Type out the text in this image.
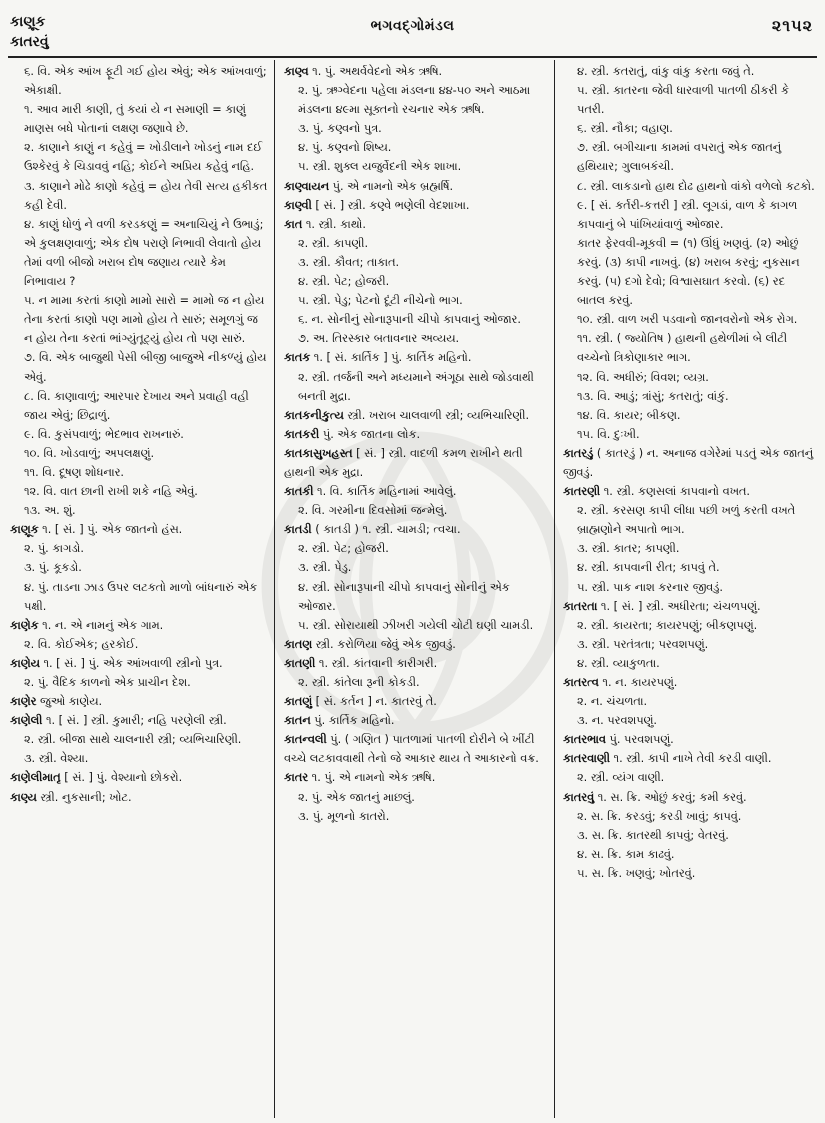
કાણૂક
કાતરવું
ભગવદ્ગોમંડલ	૨૧૫૨

૬. વિ. એક આંખ ફૂટી ગઈ હોય એવું; એક આંખવાળું; એકાક્ષી.

૧. આવ મારી કાણી, તું કયાં યે ન સમાણી = કાણું માણસ બધે પોતાનાં લક્ષણ જણાવે છે.

૨. કાણાને કાણું ન કહેવું = ખોડીલાને ખોડનું નામ દઈ ઉશ્કેરવું કે ચિડાવવું નહિ; કોઈને અપ્રિય કહેવું નહિ.

૩. કાણાને મોઢે કાણો કહેવું = હોય તેવી સત્ય હકીકત કહી દેવી.

૪. કાણું ધોળું ને વળી કરડકણું = અનાચિયું ને ઉભાડું; એ કુલક્ષણવાળું; એક દોષ પરાણે નિભાવી લેવાતો હોય તેમાં વળી બીજો ખરાબ દોષ જણાય ત્યારે કેમ નિભાવાય ?

૫. ન મામા કરતાં કાણો મામો સારો = મામો જ ન હોય તેના કરતાં કાણો પણ મામો હોય તે સારું; સમૂળગું જ ન હોય તેના કરતાં ભાંગ્યુંતૂટ્યું હોય તો પણ સારું.

૭. વિ. એક બાજુથી પેસી બીજી બાજુએ નીકળ્યું હોય એવું.

૮. વિ. કાણાવાળું; આરપાર દેખાય અને પ્રવાહી વહી જાય એવું; છિદ્રાળું.

૯. વિ. કુસંપવાળું; ભેદભાવ રાખનારું.

૧૦. વિ. ખોડવાળું; અપલક્ષણું.

૧૧. વિ. દૂષણ શોધનાર.

૧૨. વિ. વાત છાની રાખી શકે નહિ એવું.

૧૩. અ. શું.

કાણૂક ૧. [ સં. ] પું. એક જાતનો હંસ.

૨. પું. કાગડો.

૩. પું. કૂકડો.

૪. પું. તાડના ઝાડ ઉપર લટકતો માળો બાંધનારું એક પક્ષી.

કાણેક ૧. ન. એ નામનું એક ગામ.

૨. વિ. કોઈએક; હરકોઈ.

કાણેય ૧. [ સં. ] પું. એક આંખવાળી સ્ત્રીનો પુત્ર.

૨. પું. વૈદિક કાળનો એક પ્રાચીન દેશ.

કાણેર જુઓ કાણેય.

કાણેલી ૧. [ સં. ] સ્ત્રી. કુમારી; નહિ પરણેલી સ્ત્રી.

૨. સ્ત્રી. બીજા સાથે ચાલનારી સ્ત્રી; વ્યભિચારિણી.

૩. સ્ત્રી. વેશ્યા.

કાણેલીમાતૃ [ સં. ] પું. વેશ્યાનો છોકરો.

કાણ્ય સ્ત્રી. નુકસાની; ખોટ.

કાણ્વ ૧. પું. અથર્વવેદનો એક ઋષિ.

૨. પું. ઋગ્વેદના પહેલા મંડલના ૪૪-૫૦ અને આઠમા મંડલના ૪૯મા સૂક્તનો રચનાર એક ઋષિ.

૩. પું. કણ્વનો પુત્ર.

૪. પું. કણ્વનો શિષ્ય.

૫. સ્ત્રી. શુક્લ યજુર્વેદની એક શાખા.

કાણ્વાયન પું. એ નામનો એક બ્રહ્મર્ષિ.

કાણ્વી [ સં. ] સ્ત્રી. કણ્વે ભણેલી વેદશાખા.

કાત ૧. સ્ત્રી. કાથો.

૨. સ્ત્રી. કાપણી.

૩. સ્ત્રી. કૌવત; તાકાત.

૪. સ્ત્રી. પેટ; હોજરી.

૫. સ્ત્રી. પેડુ; પેટનો દૂંટી નીચેનો ભાગ.

૬. ન. સોનીનું સોનારૂપાની ચીપો કાપવાનું ઓજાર.

૭. અ. તિરસ્કાર બતાવનાર અવ્યય.

કાતક ૧. [ સં. કાર્તિક ] પું. કાર્તિક મહિનો.

૨. સ્ત્રી. તર્જની અને મધ્યમાને અંગૂઠા સાથે જોડવાથી બનતી મુદ્રા.

કાતકનીકુત્ય સ્ત્રી. ખરાબ ચાલવાળી સ્ત્રી; વ્યભિચારિણી.

કાતકરી પું. એક જાતના લોક.

કાતકાસુખહસ્ત [ સં. ] સ્ત્રી. વાદળી કમળ રાખીને થતી હાથની એક મુદ્રા.

કાતકી ૧. વિ. કાર્તિક મહિનામાં આવેલું.

૨. વિ. ગરમીના દિવસોમાં જન્મેલું.

કાતડી ( કાતડી ) ૧. સ્ત્રી. ચામડી; ત્વચા.

૨. સ્ત્રી. પેટ; હોજરી.

૩. સ્ત્રી. પેડુ.

૪. સ્ત્રી. સોનારૂપાની ચીપો કાપવાનું સોનીનું એક ઓજાર.

૫. સ્ત્રી. સોરાયાથી ઝીખરી ગયેલી ચોટી ઘણી ચામડી.

કાતણ સ્ત્રી. કરોળિયા જેવું એક જીવડું.

કાતણી ૧. સ્ત્રી. કાંતવાની કારીગરી.

૨. સ્ત્રી. કાંતેલા રૂની કોકડી.

કાતણું [ સં. કર્તન ] ન. કાતરવું તે.

કાતન પું. કાર્તિક મહિનો.

કાતન્વલી પું. ( ગણિત ) પાતળામાં પાતળી દોરીને બે ખીંટી વચ્ચે લટકાવવાથી તેનો જે આકાર થાય તે આકારનો વક્ર.

કાતર ૧. પું. એ નામનો એક ઋષિ.

૨. પું. એક જાતનું માછલું.

૩. પું. મૂળનો કાતરો.

૪. સ્ત્રી. કતરાતું, વાંકુ વાંકુ કરતા જવું તે.

૫. સ્ત્રી. કાતરના જેવી ધારવાળી પાતળી ઠીકરી કે પતરી.

૬. સ્ત્રી. નૌકા; વહાણ.

૭. સ્ત્રી. બગીચાના કામમાં વપરાતું એક જાતનું હથિયાર; ગુલાબકંચી.

૮. સ્ત્રી. લાકડાનો હાથ દોઢ હાથનો વાંકો વળેલો કટકો.

૯. [ સં. કર્તરી-કત્તરી ] સ્ત્રી. લૂગડાં, વાળ કે કાગળ કાપવાનું બે પાંખિયાંવાળું ઓજાર.

કાતર ફેરવવી-મૂકવી = (૧) ઊંધું ખણવું. (૨) ઓછું કરવું. (૩) કાપી નાખવું. (૪) ખરાબ કરવું; નુકસાન કરવું. (૫) દગો દેવો; વિશ્વાસઘાત કરવો. (૬) રદ બાતલ કરવું.

૧૦. સ્ત્રી. વાળ ખરી પડવાનો જાનવરોનો એક રોગ.

૧૧. સ્ત્રી. ( જ્યોતિષ ) હાથની હથેળીમાં બે લીટી વચ્ચેનો ત્રિકોણાકાર ભાગ.

૧૨. વિ. અધીરું; વિવશ; વ્યગ્ર.

૧૩. વિ. આડું; ત્રાંસું; કતરાતું; વાંકું.

૧૪. વિ. કાયર; બીકણ.

૧૫. વિ. દુઃખી.

કાતરડું ( કાતરડું ) ન. અનાજ વગેરેમાં પડતું એક જાતનું જીવડું.

કાતરણી ૧. સ્ત્રી. કણસલાં કાપવાનો વખત.

૨. સ્ત્રી. કરસણ કાપી લીધા પછી ખળું કરતી વખતે બ્રાહ્મણોને અપાતો ભાગ.

૩. સ્ત્રી. કાતર; કાપણી.

૪. સ્ત્રી. કાપવાની રીત; કાપવું તે.

૫. સ્ત્રી. પાક નાશ કરનાર જીવડું.

કાતરતા ૧. [ સં. ] સ્ત્રી. અધીરતા; ચંચળપણું.

૨. સ્ત્રી. કાયરતા; કાયરપણું; બીકણપણું.

૩. સ્ત્રી. પરતંત્રતા; પરવશપણું.

૪. સ્ત્રી. વ્યાકુળતા.

કાતરત્વ ૧. ન. કાયરપણું.

૨. ન. ચંચળતા.

૩. ન. પરવશપણું.

કાતરભાવ પું. પરવશપણું.

કાતરવાણી ૧. સ્ત્રી. કાપી નાખે તેવી કરડી વાણી.

૨. સ્ત્રી. વ્યંગ વાણી.

કાતરવું ૧. સ. ક્રિ. ઓછું કરવું; કમી કરવું.

૨. સ. ક્રિ. કરડવું; કરડી ખાવું; કાપવું.

૩. સ. ક્રિ. કાતરથી કાપવું; વેતરવું.

૪. સ. ક્રિ. કામ કાઢવું.

૫. સ. ક્રિ. ખણવું; ખોતરવું.
